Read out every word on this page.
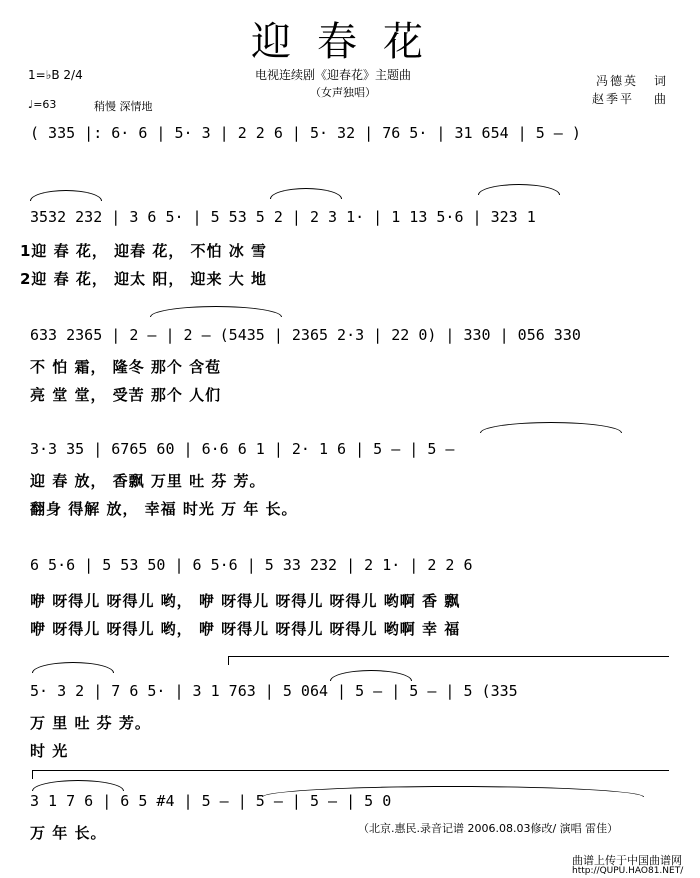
迎春花
电视连续剧《迎春花》主题曲
（女声独唱）
冯德英 词
赵季平 曲
1=♭B 2/4
♩=63	稍慢 深情地
( 335 |: 6· 6 | 5· 3 | 2 2 6 | 5· 32 | 76 5· | 31 654 | 5 – )
3532 232 | 3 6 5· | 5 53 5 2 | 2 3 1· | 1 13 5·6 | 323 1
1迎 春 花， 迎春 花， 不怕 冰 雪
2迎 春 花， 迎太 阳， 迎来 大 地
633 2365 | 2 – | 2 – (5435 | 2365 2·3 | 22 0) | 330 | 056 330
不 怕 霜， 隆冬 那个 含苞
亮 堂 堂， 受苦 那个 人们
3·3 35 | 6765 60 | 6·6 6 1 | 2· 1 6 | 5 – | 5 –
迎 春 放， 香飘 万里 吐 芬 芳。
翻身 得解 放， 幸福 时光 万 年 长。
6 5·6 | 5 53 50 | 6 5·6 | 5 33 232 | 2 1· | 2 2 6
咿 呀得儿 呀得儿 哟， 咿 呀得儿 呀得儿 呀得儿 哟啊 香 飘
咿 呀得儿 呀得儿 哟， 咿 呀得儿 呀得儿 呀得儿 哟啊 幸 福
5· 3 2 | 7 6 5· | 3 1 763 | 5 064 | 5 – | 5 – | 5 (335
万 里 吐 芬 芳。
时 光
3 1 7 6 | 6 5 #4 | 5 – | 5 – | 5 – | 5 0
万 年 长。	（北京.惠民.录音记谱 2006.08.03修改/ 演唱 雷佳）
曲谱上传于中国曲谱网
http://QUPU.HAO81.NET/
